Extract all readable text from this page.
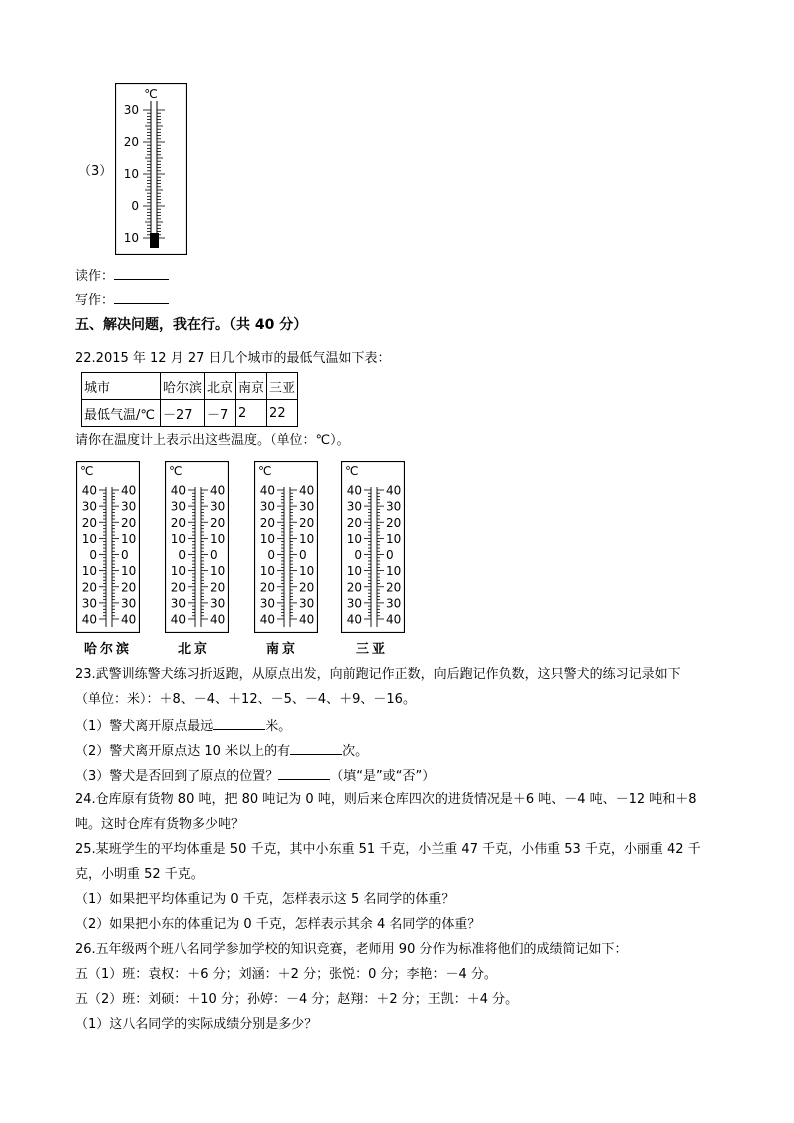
（3）
℃
30
20
10
0
10
读作：
写作：
五、解决问题，我在行。（共 40 分）
22.2015 年 12 月 27 日几个城市的最低气温如下表：
城市	哈尔滨	北京	南京	三亚
最低气温/℃	－27	－7	2	22
请你在温度计上表示出这些温度。（单位：℃）。
℃
40
30
20
10
0
10
20
30
40
40
30
20
10
0
10
20
30
40
℃
40
30
20
10
0
10
20
30
40
40
30
20
10
0
10
20
30
40
℃
40
30
20
10
0
10
20
30
40
40
30
20
10
0
10
20
30
40
℃
40
30
20
10
0
10
20
30
40
40
30
20
10
0
10
20
30
40
哈尔滨	北京	南京	三亚
23.武警训练警犬练习折返跑，从原点出发，向前跑记作正数，向后跑记作负数，这只警犬的练习记录如下
（单位：米）：＋8、－4、＋12、－5、－4、＋9、－16。
（1）警犬离开原点最远	米。
（2）警犬离开原点达 10 米以上的有	次。
（3）警犬是否回到了原点的位置？	（填“是”或“否”）
24.仓库原有货物 80 吨，把 80 吨记为 0 吨，则后来仓库四次的进货情况是＋6 吨、－4 吨、－12 吨和＋8
吨。这时仓库有货物多少吨？
25.某班学生的平均体重是 50 千克，其中小东重 51 千克，小兰重 47 千克，小伟重 53 千克，小丽重 42 千
克，小明重 52 千克。
（1）如果把平均体重记为 0 千克，怎样表示这 5 名同学的体重？
（2）如果把小东的体重记为 0 千克，怎样表示其余 4 名同学的体重？
26.五年级两个班八名同学参加学校的知识竞赛，老师用 90 分作为标准将他们的成绩简记如下：
五（1）班：袁权：＋6 分；刘涵：＋2 分；张悦：0 分；李艳：－4 分。
五（2）班：刘硕：＋10 分；孙婷：－4 分；赵翔：＋2 分；王凯：＋4 分。
（1）这八名同学的实际成绩分别是多少？
